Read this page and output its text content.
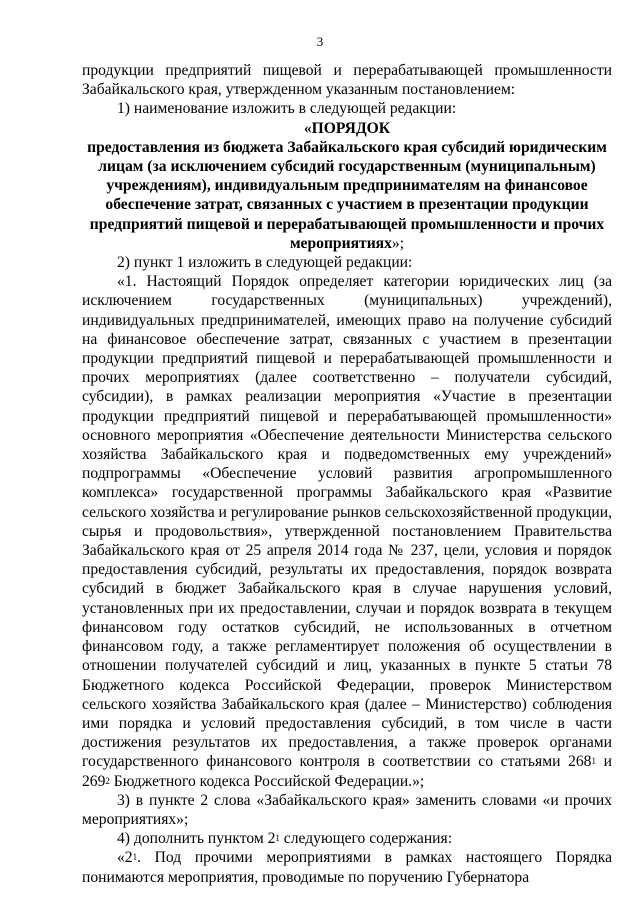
3

продукции предприятий пищевой и перерабатывающей промышленности Забайкальского края, утвержденном указанным постановлением:

1) наименование изложить в следующей редакции:

«ПОРЯДОК

предоставления из бюджета Забайкальского края субсидий юридическим лицам (за исключением субсидий государственным (муниципальным) учреждениям), индивидуальным предпринимателям на финансовое обеспечение затрат, связанных с участием в презентации продукции предприятий пищевой и перерабатывающей промышленности и прочих мероприятиях»;

2) пункт 1 изложить в следующей редакции:

«1. Настоящий Порядок определяет категории юридических лиц (за исключением государственных (муниципальных) учреждений), индивидуальных предпринимателей, имеющих право на получение субсидий на финансовое обеспечение затрат, связанных с участием в презентации продукции предприятий пищевой и перерабатывающей промышленности и прочих мероприятиях (далее соответственно – получатели субсидий, субсидии), в рамках реализации мероприятия «Участие в презентации продукции предприятий пищевой и перерабатывающей промышленности» основного мероприятия «Обеспечение деятельности Министерства сельского хозяйства Забайкальского края и подведомственных ему учреждений» подпрограммы «Обеспечение условий развития агропромышленного комплекса» государственной программы Забайкальского края «Развитие сельского хозяйства и регулирование рынков сельскохозяйственной продукции, сырья и продовольствия», утвержденной постановлением Правительства Забайкальского края от 25 апреля 2014 года № 237, цели, условия и порядок предоставления субсидий, результаты их предоставления, порядок возврата субсидий в бюджет Забайкальского края в случае нарушения условий, установленных при их предоставлении, случаи и порядок возврата в текущем финансовом году остатков субсидий, не использованных в отчетном финансовом году, а также регламентирует положения об осуществлении в отношении получателей субсидий и лиц, указанных в пункте 5 статьи 78 Бюджетного кодекса Российской Федерации, проверок Министерством сельского хозяйства Забайкальского края (далее – Министерство) соблюдения ими порядка и условий предоставления субсидий, в том числе в части достижения результатов их предоставления, а также проверок органами государственного финансового контроля в соответствии со статьями $268^1$ и $269^2$ Бюджетного кодекса Российской Федерации.»;

3) в пункте 2 слова «Забайкальского края» заменить словами «и прочих мероприятиях»;

4) дополнить пунктом $2^1$ следующего содержания:

«$2^1$. Под прочими мероприятиями в рамках настоящего Порядка понимаются мероприятия, проводимые по поручению Губернатора
